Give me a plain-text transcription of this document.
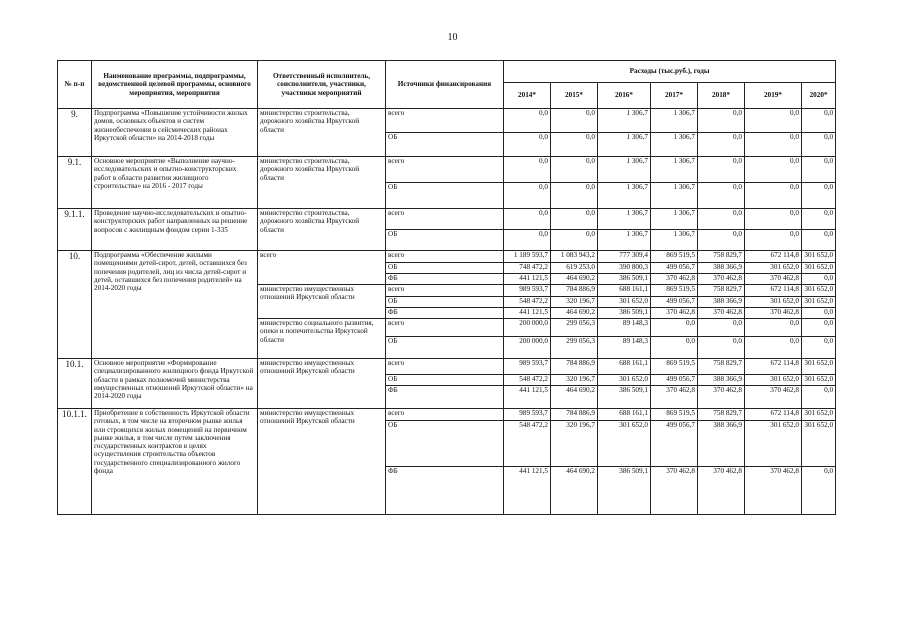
10
№ п-п	Наименование программы, подпрограммы, ведомственной целевой программы, основного мероприятия, мероприятия	Ответственный исполнитель, соисполнители, участники, участники мероприятий	Источники финансирования	Расходы (тыс.руб.), годы						
				2014*	2015*	2016*	2017*	2018*	2019*	2020*
9.	Подпрограмма «Повышение устойчивости жилых домов, основных объектов и систем жизнеобеспечения в сейсмических районах Иркутской области» на 2014-2018 годы	министерство строительства, дорожного хозяйства Иркутской области	всего	0,0	0,0	1 306,7	1 306,7	0,0	0,0	0,0
			ОБ	0,0	0,0	1 306,7	1 306,7	0,0	0,0	0,0
9.1.	Основное мероприятие «Выполнение научно-исследовательских и опытно-конструкторских работ в области развития жилищного строительства» на 2016 - 2017 годы	министерство строительства, дорожного хозяйства Иркутской области	всего	0,0	0,0	1 306,7	1 306,7	0,0	0,0	0,0
			ОБ	0,0	0,0	1 306,7	1 306,7	0,0	0,0	0,0
9.1.1.	Проведение научно-исследовательских и опытно-конструкторских работ направленных на решение вопросов с жилищным фондом серии 1-335	министерство строительства, дорожного хозяйства Иркутской области	всего	0,0	0,0	1 306,7	1 306,7	0,0	0,0	0,0
			ОБ	0,0	0,0	1 306,7	1 306,7	0,0	0,0	0,0
10.	Подпрограмма «Обеспечение жилыми помещениями детей-сирот, детей, оставшихся без попечения родителей, лиц из числа детей-сирот и детей, оставшихся без попечения родителей» на 2014-2020 годы	всего	всего	1 189 593,7	1 083 943,2	777 309,4	869 519,5	758 829,7	672 114,8	301 652,0
			ОБ	748 472,2	619 253,0	390 800,3	499 056,7	388 366,9	301 652,0	301 652,0
			ФБ	441 121,5	464 690,2	386 509,1	370 462,8	370 462,8	370 462,8	0,0
		министерство имущественных отношений Иркутской области	всего	989 593,7	784 886,9	688 161,1	869 519,5	758 829,7	672 114,8	301 652,0
			ОБ	548 472,2	320 196,7	301 652,0	499 056,7	388 366,9	301 652,0	301 652,0
			ФБ	441 121,5	464 690,2	386 509,1	370 462,8	370 462,8	370 462,8	0,0
		министерство социального развития, опеки и попечительства Иркутской области	всего	200 000,0	299 056,3	89 148,3	0,0	0,0	0,0	0,0
			ОБ	200 000,0	299 056,3	89 148,3	0,0	0,0	0,0	0,0
10.1.	Основное мероприятие «Формирование специализированного жилищного фонда Иркутской области в рамках полномочий министерства имущественных отношений Иркутской области» на 2014-2020 годы	министерство имущественных отношений Иркутской области	всего	989 593,7	784 886,9	688 161,1	869 519,5	758 829,7	672 114,8	301 652,0
			ОБ	548 472,2	320 196,7	301 652,0	499 056,7	388 366,9	301 652,0	301 652,0
			ФБ	441 121,5	464 690,2	386 509,1	370 462,8	370 462,8	370 462,8	0,0
10.1.1.	Приобретение в собственность Иркутской области готовых, в том числе на вторичном рынке жилья или строящихся жилых помещений на первичном рынке жилья, в том числе путем заключения государственных контрактов в целях осуществления строительства объектов государственного специализированного жилого фонда	министерство имущественных отношений Иркутской области	всего	989 593,7	784 886,9	688 161,1	869 519,5	758 829,7	672 114,8	301 652,0
			ОБ	548 472,2	320 196,7	301 652,0	499 056,7	388 366,9	301 652,0	301 652,0
			ФБ	441 121,5	464 690,2	386 509,1	370 462,8	370 462,8	370 462,8	0,0
